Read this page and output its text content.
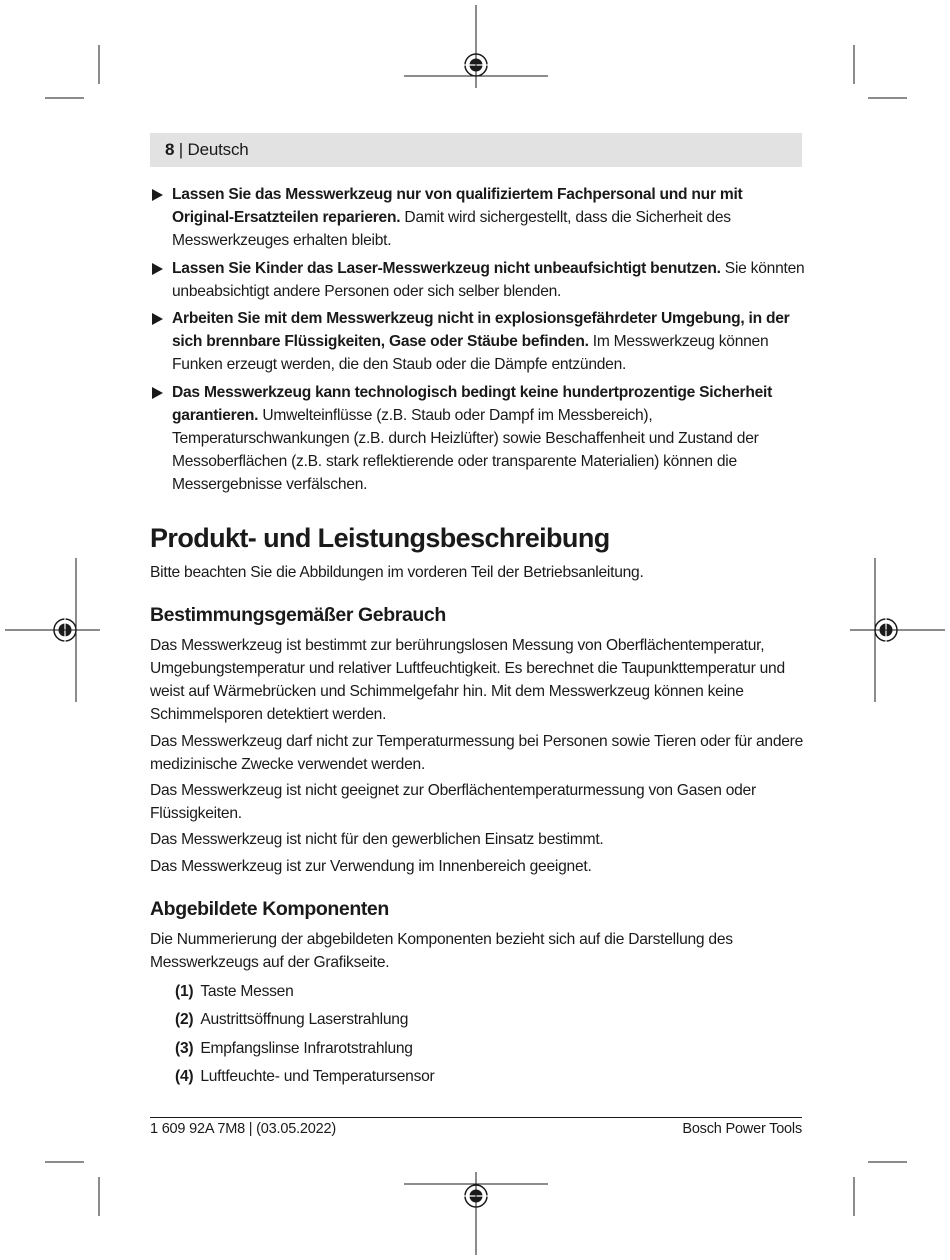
8 | Deutsch
Lassen Sie das Messwerkzeug nur von qualifiziertem Fachpersonal und nur mit Original-Ersatzteilen reparieren. Damit wird sichergestellt, dass die Sicherheit des Messwerkzeuges erhalten bleibt.
Lassen Sie Kinder das Laser-Messwerkzeug nicht unbeaufsichtigt benutzen. Sie könnten unbeabsichtigt andere Personen oder sich selber blenden.
Arbeiten Sie mit dem Messwerkzeug nicht in explosionsgefährdeter Umgebung, in der sich brennbare Flüssigkeiten, Gase oder Stäube befinden. Im Messwerkzeug können Funken erzeugt werden, die den Staub oder die Dämpfe entzünden.
Das Messwerkzeug kann technologisch bedingt keine hundertprozentige Sicherheit garantieren. Umwelteinflüsse (z.B. Staub oder Dampf im Messbereich), Temperaturschwankungen (z.B. durch Heizlüfter) sowie Beschaffenheit und Zustand der Messoberflächen (z.B. stark reflektierende oder transparente Materialien) können die Messergebnisse verfälschen.
Produkt- und Leistungsbeschreibung

Bitte beachten Sie die Abbildungen im vorderen Teil der Betriebsanleitung.

Bestimmungsgemäßer Gebrauch

Das Messwerkzeug ist bestimmt zur berührungslosen Messung von Oberflächentemperatur, Umgebungstemperatur und relativer Luftfeuchtigkeit. Es berechnet die Taupunkttemperatur und weist auf Wärmebrücken und Schimmelgefahr hin. Mit dem Messwerkzeug können keine Schimmelsporen detektiert werden.

Das Messwerkzeug darf nicht zur Temperaturmessung bei Personen sowie Tieren oder für andere medizinische Zwecke verwendet werden.

Das Messwerkzeug ist nicht geeignet zur Oberflächentemperaturmessung von Gasen oder Flüssigkeiten.

Das Messwerkzeug ist nicht für den gewerblichen Einsatz bestimmt.

Das Messwerkzeug ist zur Verwendung im Innenbereich geeignet.

Abgebildete Komponenten

Die Nummerierung der abgebildeten Komponenten bezieht sich auf die Darstellung des Messwerkzeugs auf der Grafikseite.

(1) Taste Messen
(2) Austrittsöffnung Laserstrahlung
(3) Empfangslinse Infrarotstrahlung
(4) Luftfeuchte- und Temperatursensor
1 609 92A 7M8 | (03.05.2022)	Bosch Power Tools
